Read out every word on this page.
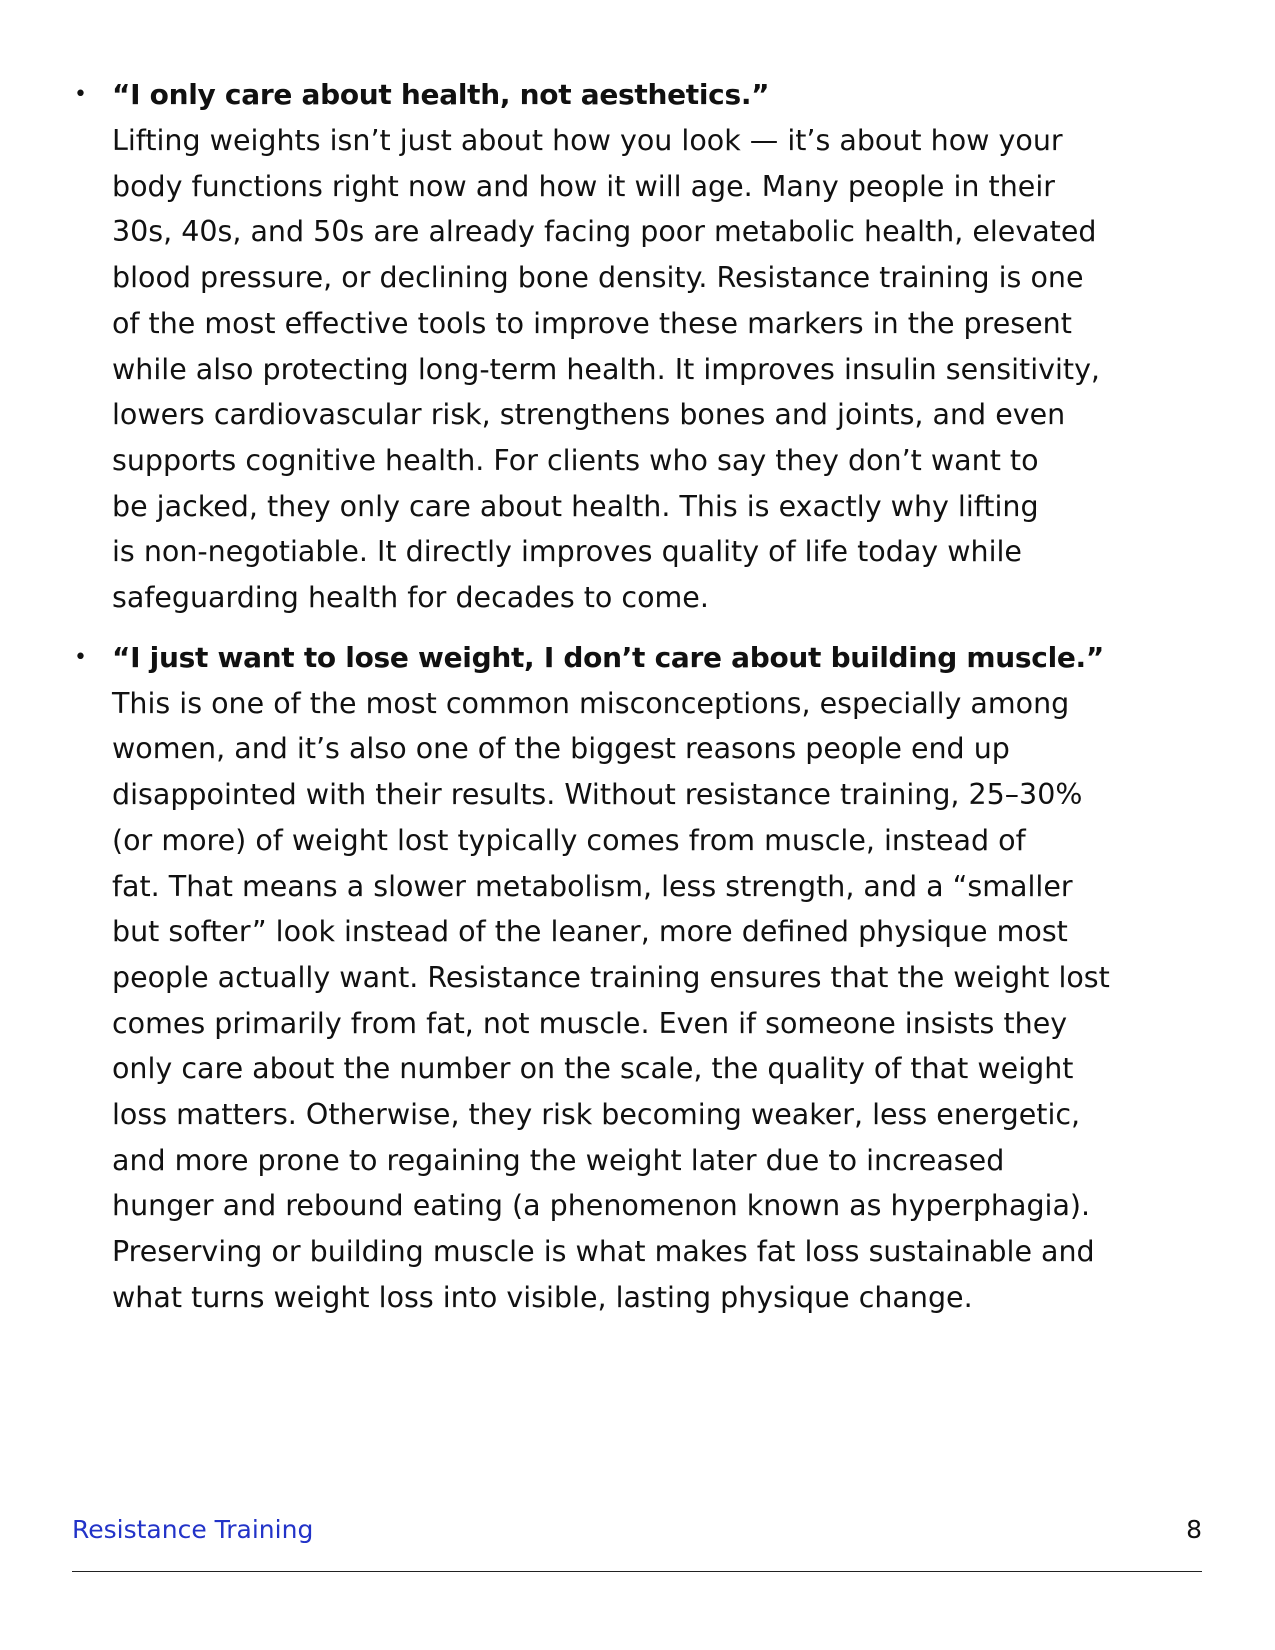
• “I only care about health, not aesthetics.”
Lifting weights isn’t just about how you look — it’s about how your
body functions right now and how it will age. Many people in their
30s, 40s, and 50s are already facing poor metabolic health, elevated
blood pressure, or declining bone density. Resistance training is one
of the most effective tools to improve these markers in the present
while also protecting long-term health. It improves insulin sensitivity,
lowers cardiovascular risk, strengthens bones and joints, and even
supports cognitive health. For clients who say they don’t want to
be jacked, they only care about health. This is exactly why lifting
is non-negotiable. It directly improves quality of life today while
safeguarding health for decades to come.
• “I just want to lose weight, I don’t care about building muscle.”
This is one of the most common misconceptions, especially among
women, and it’s also one of the biggest reasons people end up
disappointed with their results. Without resistance training, 25–30%
(or more) of weight lost typically comes from muscle, instead of
fat. That means a slower metabolism, less strength, and a “smaller
but softer” look instead of the leaner, more defined physique most
people actually want. Resistance training ensures that the weight lost
comes primarily from fat, not muscle. Even if someone insists they
only care about the number on the scale, the quality of that weight
loss matters. Otherwise, they risk becoming weaker, less energetic,
and more prone to regaining the weight later due to increased
hunger and rebound eating (a phenomenon known as hyperphagia).
Preserving or building muscle is what makes fat loss sustainable and
what turns weight loss into visible, lasting physique change.
Resistance Training	8
